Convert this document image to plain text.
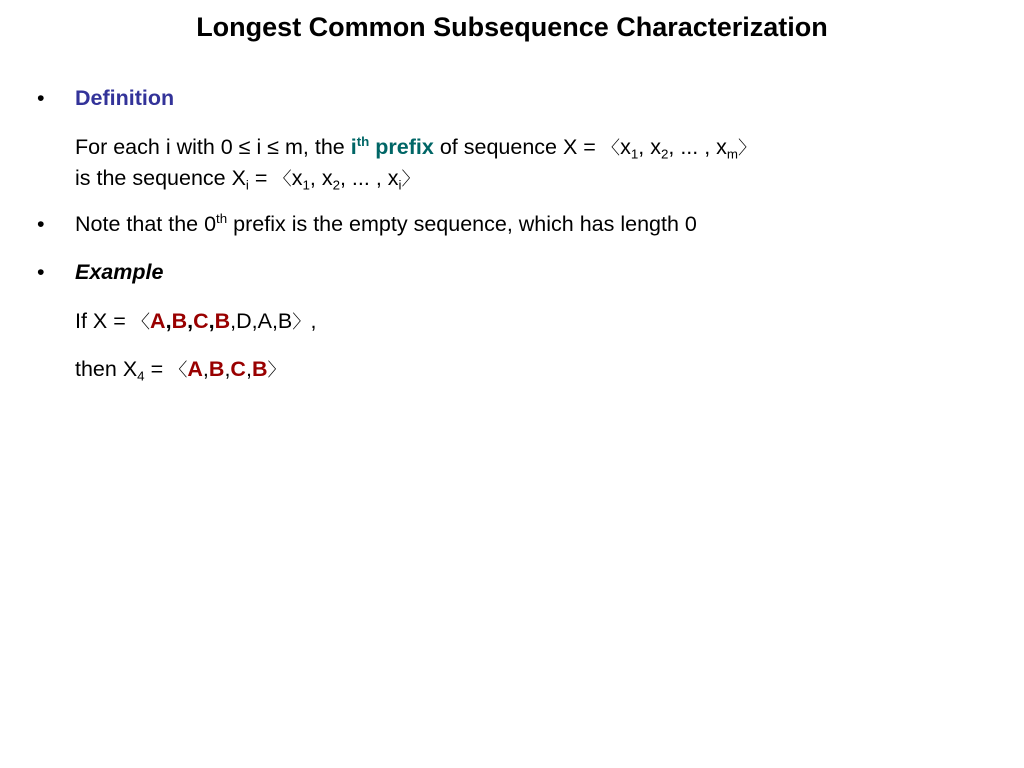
Longest Common Subsequence Characterization
• Definition
For each i with 0 ≤ i ≤ m, the $i^{th}$ prefix of sequence X = 〈$x_1$, $x_2$, ... , $x_m$〉
is the sequence $X_i$ = 〈$x_1$, $x_2$, ... , $x_i$〉
• Note that the 0th prefix is the empty sequence, which has length 0
• Example
If X = 〈A,B,C,B,D,A,B〉,
then $X_4$ = 〈A,B,C,B〉
